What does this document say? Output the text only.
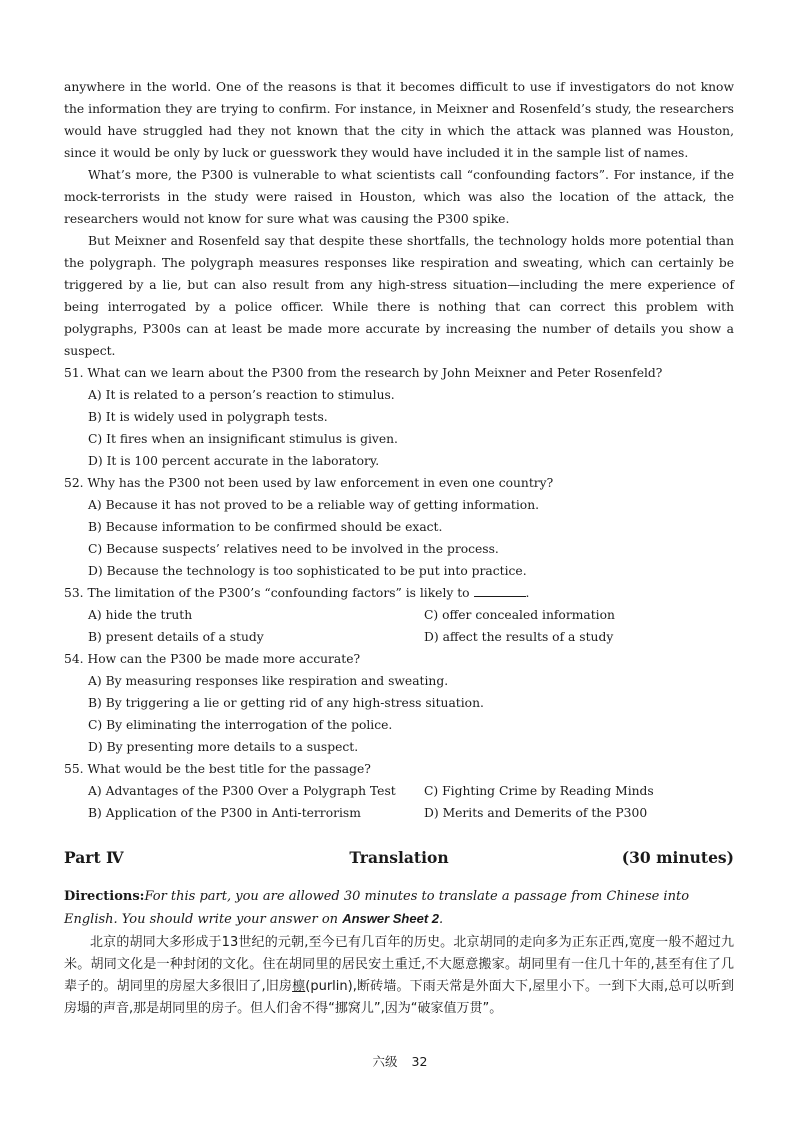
anywhere in the world. One of the reasons is that it becomes difficult to use if investigators do not know the information they are trying to confirm. For instance, in Meixner and Rosenfeld’s study, the researchers would have struggled had they not known that the city in which the attack was planned was Houston, since it would be only by luck or guesswork they would have included it in the sample list of names.

What’s more, the P300 is vulnerable to what scientists call “confounding factors”. For instance, if the mock-terrorists in the study were raised in Houston, which was also the location of the attack, the researchers would not know for sure what was causing the P300 spike.

But Meixner and Rosenfeld say that despite these shortfalls, the technology holds more potential than the polygraph. The polygraph measures responses like respiration and sweating, which can certainly be triggered by a lie, but can also result from any high-stress situation—including the mere experience of being interrogated by a police officer. While there is nothing that can correct this problem with polygraphs, P300s can at least be made more accurate by increasing the number of details you show a suspect.

51. What can we learn about the P300 from the research by John Meixner and Peter Rosenfeld?

A) It is related to a person’s reaction to stimulus.
B) It is widely used in polygraph tests.
C) It fires when an insignificant stimulus is given.
D) It is 100 percent accurate in the laboratory.

52. Why has the P300 not been used by law enforcement in even one country?

A) Because it has not proved to be a reliable way of getting information.
B) Because information to be confirmed should be exact.
C) Because suspects’ relatives need to be involved in the process.
D) Because the technology is too sophisticated to be put into practice.

53. The limitation of the P300’s “confounding factors” is likely to	.

A) hide the truth	C) offer concealed information
B) present details of a study	D) affect the results of a study

54. How can the P300 be made more accurate?

A) By measuring responses like respiration and sweating.
B) By triggering a lie or getting rid of any high-stress situation.
C) By eliminating the interrogation of the police.
D) By presenting more details to a suspect.

55. What would be the best title for the passage?

A) Advantages of the P300 Over a Polygraph Test	C) Fighting Crime by Reading Minds
B) Application of the P300 in Anti-terrorism	D) Merits and Demerits of the P300
Part Ⅳ	Translation	(30 minutes)

Directions:For this part, you are allowed 30 minutes to translate a passage from Chinese into English. You should write your answer on Answer Sheet 2.

北京的胡同大多形成于13世纪的元朝,至今已有几百年的历史。北京胡同的走向多为正东正西,宽度一般不超过九米。胡同文化是一种封闭的文化。住在胡同里的居民安土重迁,不大愿意搬家。胡同里有一住几十年的,甚至有住了几辈子的。胡同里的房屋大多很旧了,旧房檩(purlin),断砖墙。下雨天常是外面大下,屋里小下。一到下大雨,总可以听到房塌的声音,那是胡同里的房子。但人们舍不得“挪窝儿”,因为“破家值万贯”。

六级 32
